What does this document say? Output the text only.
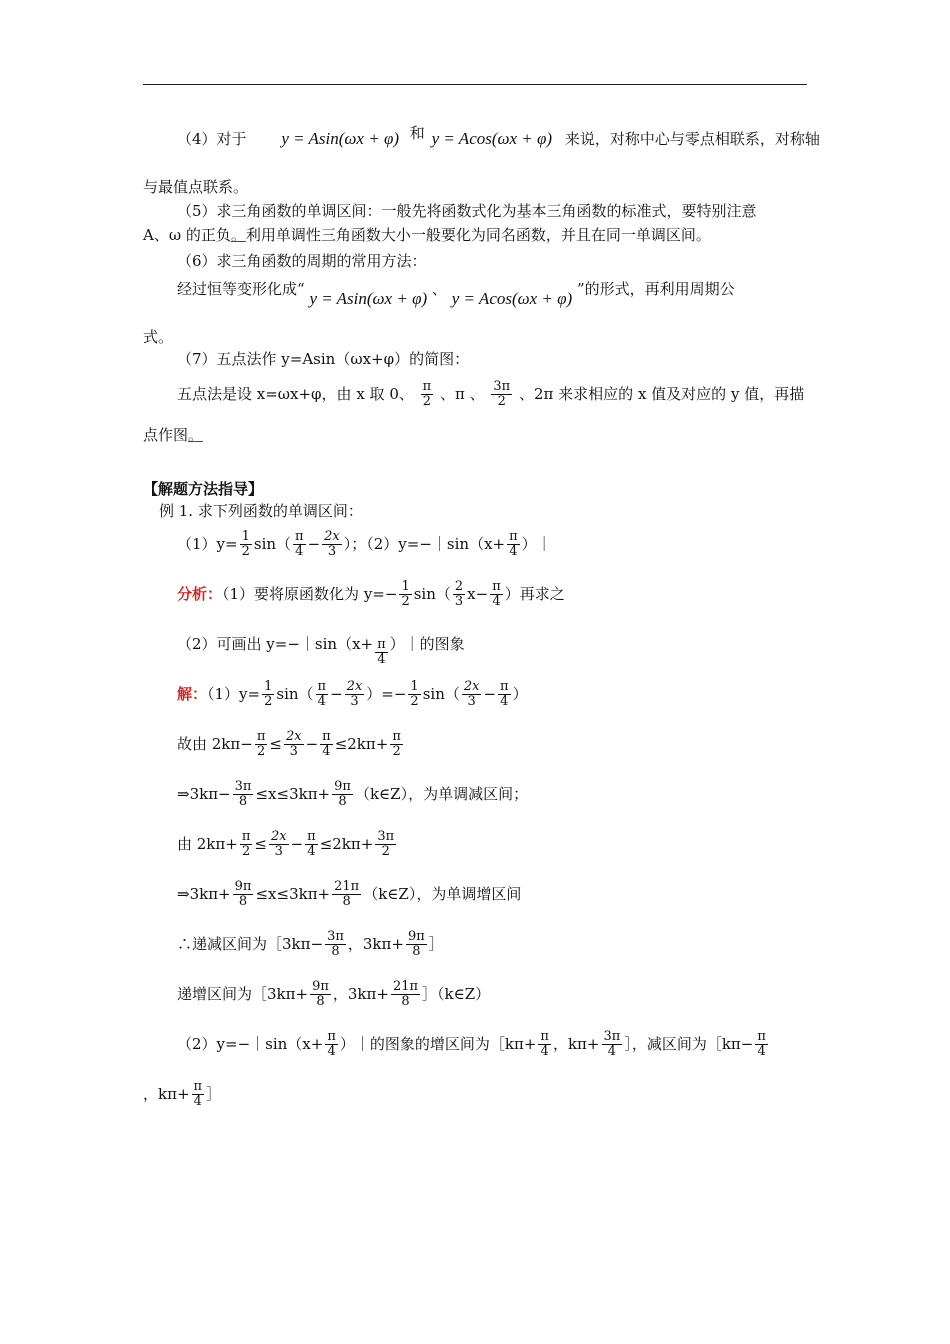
（4）对于 y = Asin(ωx + φ) 和 y = Acos(ωx + φ) 来说，对称中心与零点相联系，对称轴
与最值点联系。
（5）求三角函数的单调区间：一般先将函数式化为基本三角函数的标准式，要特别注意
A、ω 的正负。利用单调性三角函数大小一般要化为同名函数，并且在同一单调区间。
（6）求三角函数的周期的常用方法：
经过恒等变形化成“ y = Asin(ωx + φ) 、 y = Acos(ωx + φ) ”的形式，再利用周期公
式。
（7）五点法作 y=Asin（ωx+φ）的简图：
五点法是设 x=ωx+φ，由 x 取 0、 $\frac{\pi}{2}$ 、π 、 $\frac{3\pi}{2}$ 、2π 来求相应的 x 值及对应的 y 值，再描
点作图。
【解题方法指导】
例 1. 求下列函数的单调区间：
$(1)y= \frac{1}{2} \sin( \frac{\pi}{4} - \frac{2x}{3}$ ）；（2）y=−｜sin（x+ $\frac{\pi}{4}$ ）｜
分析：（1）要将原函数化为 $y=- \frac{1}{2} \sin( \frac{2}{3} x- \frac{\pi}{4}$ ）再求之
（2）可画出 y=−｜sin（x+ $\frac{\pi}{4}$ ）｜的图象
解：$(1)y= \frac{1}{2} \sin( \frac{\pi}{4} - \frac{2x}{3}$ ）=− $\frac{1}{2} \sin( \frac{2x}{3} - \frac{\pi}{4}$ ）
故由 $2k\pi- \frac{\pi}{2} \le \frac{2x}{3} - \frac{\pi}{4} \le 2k\pi+ \frac{\pi}{2}$
⇒3kπ− $\frac{3\pi}{8} \le x\le 3k\pi+ \frac{9\pi}{8}$ （k∈Z），为单调减区间；
由 $2k\pi+ \frac{\pi}{2} \le \frac{2x}{3} - \frac{\pi}{4} \le 2k\pi+ \frac{3\pi}{2}$
⇒3kπ+ $\frac{9\pi}{8} \le x\le 3k\pi+ \frac{21\pi}{8}$ （k∈Z），为单调增区间
∴递减区间为［3kπ− $\frac{3\pi}{8}$ ，$3k\pi+ \frac{9\pi}{8}$ ］
递增区间为［3kπ+ $\frac{9\pi}{8}$ ，$3k\pi+ \frac{21\pi}{8}$ ］（k∈Z）
（2）y=−｜sin（x+ $\frac{\pi}{4}$ ）｜的图象的增区间为［kπ+ $\frac{\pi}{4}$ ，$k\pi+ \frac{3\pi}{4}$ ］，减区间为［kπ− $\frac{\pi}{4}$
，$k\pi+ \frac{\pi}{4}$ ］
